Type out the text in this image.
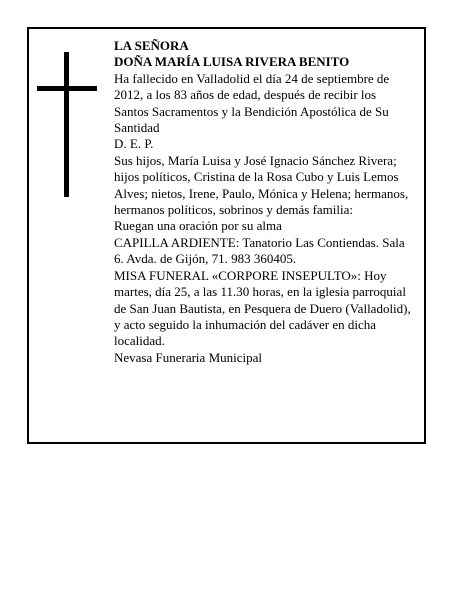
LA SEÑORA

DOÑA MARÍA LUISA RIVERA BENITO

Ha fallecido en Valladolid el día 24 de septiembre de 2012, a los 83 años de edad, después de recibir los Santos Sacramentos y la Bendición Apostólica de Su Santidad

D. E. P.

Sus hijos, María Luisa y José Ignacio Sánchez Rivera; hijos políticos, Cristina de la Rosa Cubo y Luis Lemos Alves; nietos, Irene, Paulo, Mónica y Helena; hermanos, hermanos políticos, sobrinos y demás familia:

Ruegan una oración por su alma

CAPILLA ARDIENTE: Tanatorio Las Contiendas. Sala 6. Avda. de Gijón, 71. 983 360405.

MISA FUNERAL «CORPORE INSEPULTO»: Hoy martes, día 25, a las 11.30 horas, en la iglesia parroquial de San Juan Bautista, en Pesquera de Duero (Valladolid), y acto seguido la inhumación del cadáver en dicha localidad.

Nevasa Funeraria Municipal
